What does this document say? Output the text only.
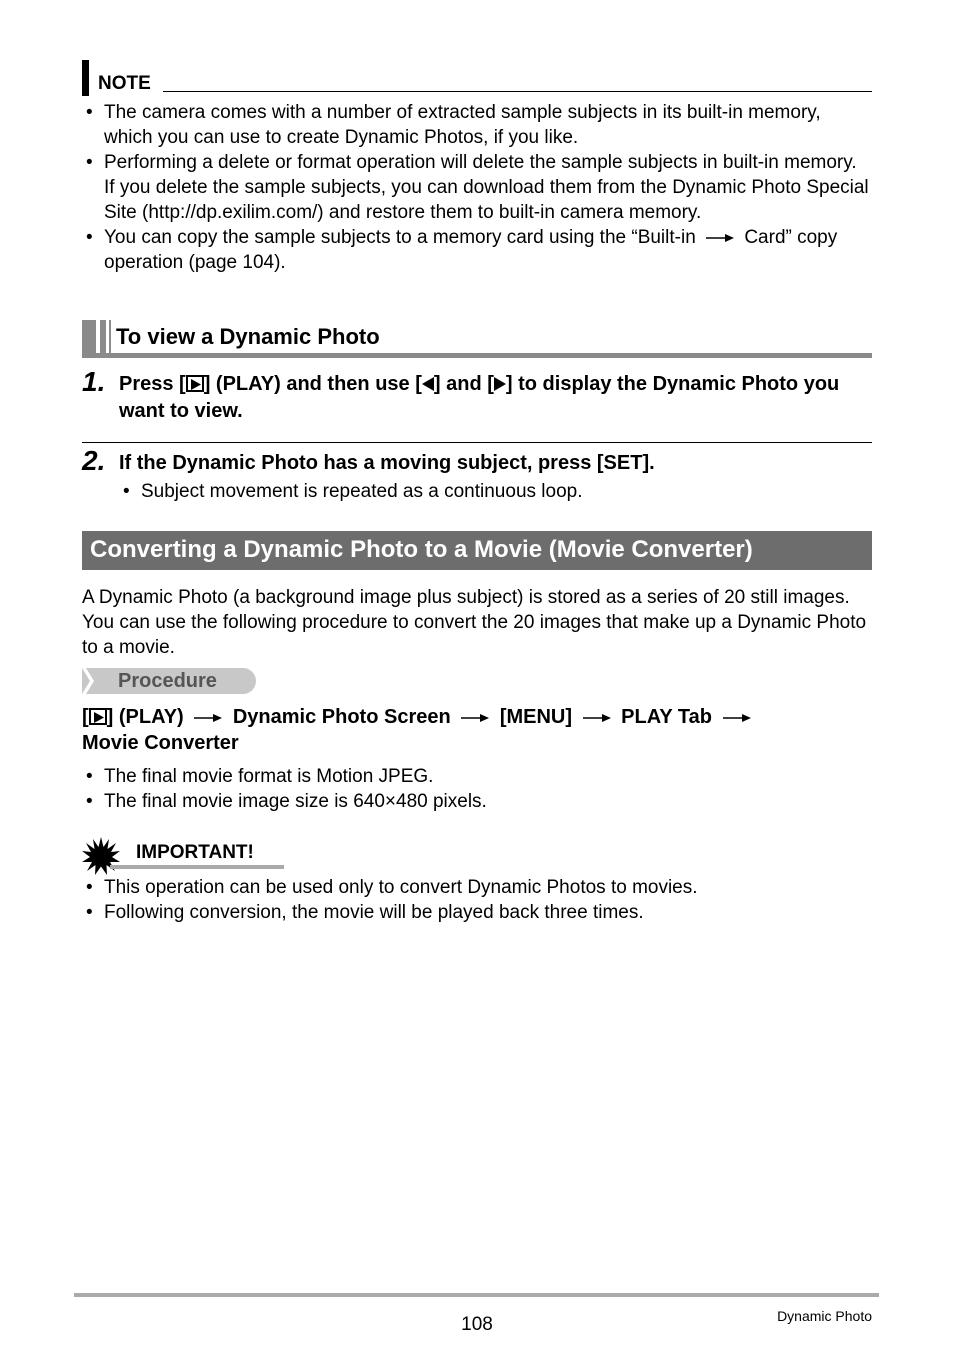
NOTE
• The camera comes with a number of extracted sample subjects in its built-in memory, which you can use to create Dynamic Photos, if you like.
• Performing a delete or format operation will delete the sample subjects in built-in memory. If you delete the sample subjects, you can download them from the Dynamic Photo Special Site (http://dp.exilim.com/) and restore them to built-in camera memory.
• You can copy the sample subjects to a memory card using the “Built-in	Card” copy operation (page 104).
To view a Dynamic Photo
1. Press [ ] (PLAY) and then use [ ] and [ ] to display the Dynamic Photo you want to view.
2. If the Dynamic Photo has a moving subject, press [SET].
• Subject movement is repeated as a continuous loop.
Converting a Dynamic Photo to a Movie (Movie Converter)
A Dynamic Photo (a background image plus subject) is stored as a series of 20 still images. You can use the following procedure to convert the 20 images that make up a Dynamic Photo to a movie.
Procedure
[ ] (PLAY) Dynamic Photo Screen [MENU] PLAY Tab
Movie Converter
• The final movie format is Motion JPEG.
• The final movie image size is 640×480 pixels.
IMPORTANT!
• This operation can be used only to convert Dynamic Photos to movies.
• Following conversion, the movie will be played back three times.
108	Dynamic Photo
